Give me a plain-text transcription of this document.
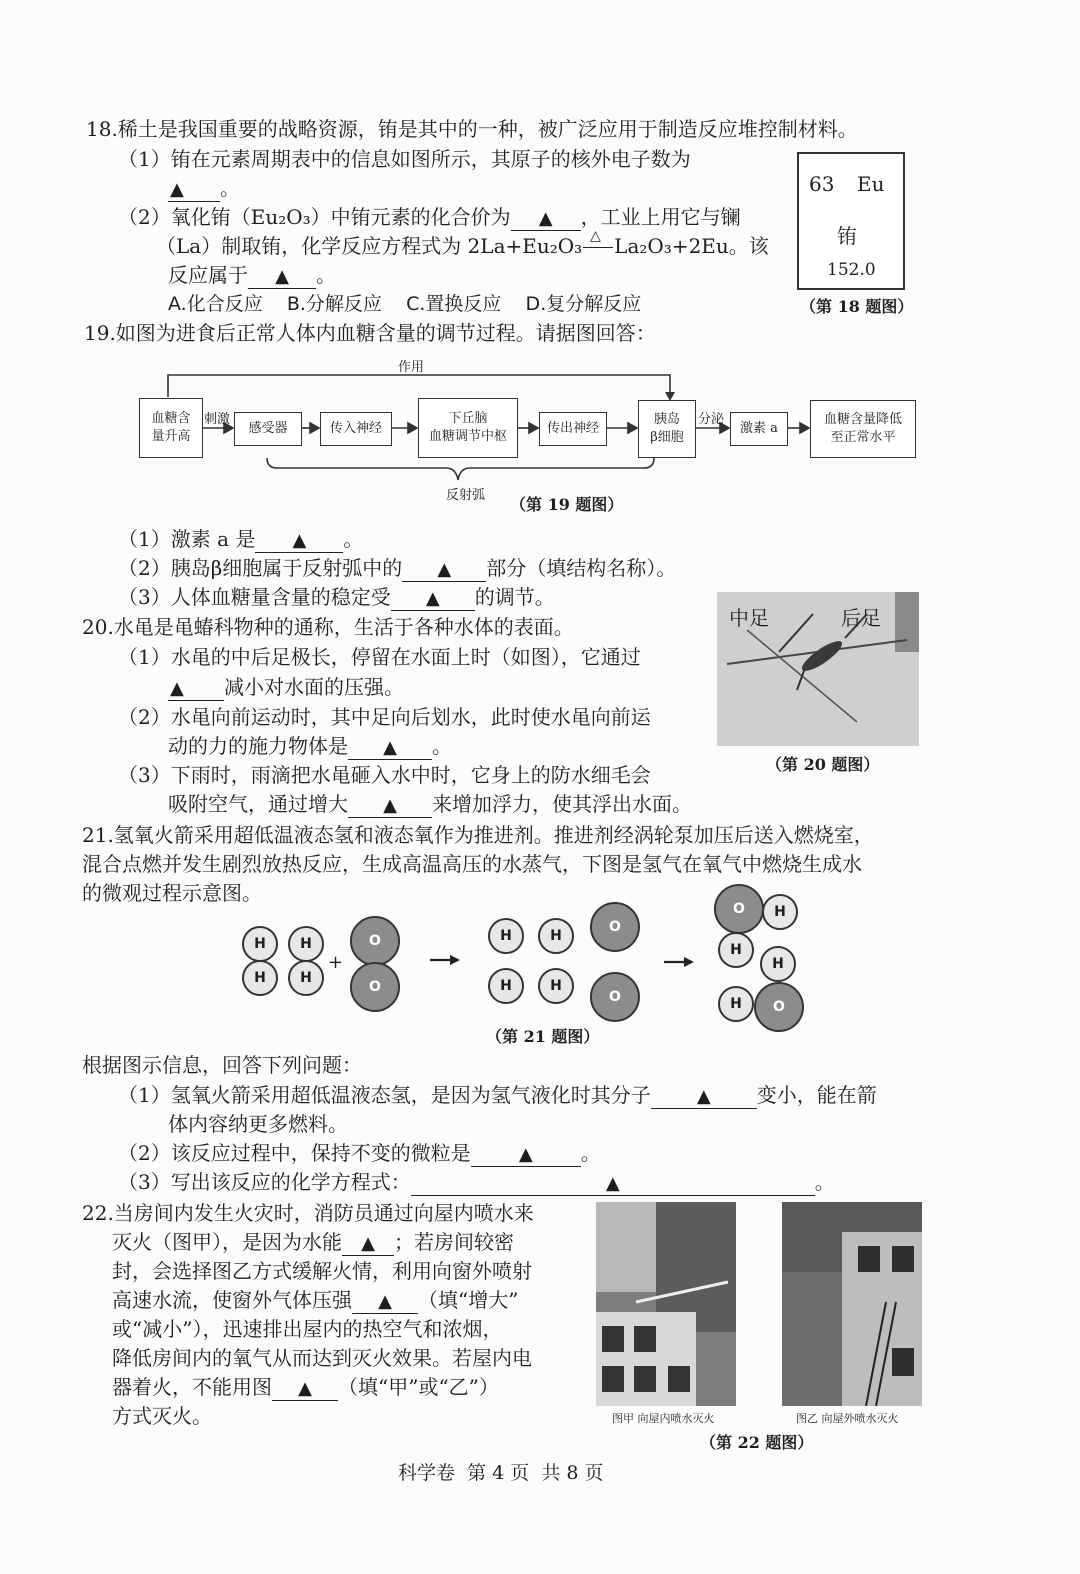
18.稀土是我国重要的战略资源，铕是其中的一种，被广泛应用于制造反应堆控制材料。
（1）铕在元素周期表中的信息如图所示，其原子的核外电子数为
▲ 。
（2）氧化铕（Eu₂O₃）中铕元素的化合价为 ▲ ，工业上用它与镧
（La）制取铕，化学反应方程式为 2La+Eu₂O₃ △ La₂O₃+2Eu。该
反应属于 ▲ 。
A.化合反应    B.分解反应    C.置换反应    D.复分解反应
63 Eu
铕
152.0
（第 18 题图）
19.如图为进食后正常人体内血糖含量的调节过程。请据图回答：
作用
刺激	分泌
血糖含
量升高
感受器	传入神经
下丘脑
血糖调节中枢
传出神经
胰岛
β细胞
激素 a
血糖含量降低
至正常水平
反射弧 （第 19 题图）
（1）激素 a 是 ▲ 。
（2）胰岛β细胞属于反射弧中的 ▲ 部分（填结构名称）。
（3）人体血糖量含量的稳定受 ▲ 的调节。
20.水黾是黾蝽科物种的通称，生活于各种水体的表面。
（1）水黾的中后足极长，停留在水面上时（如图），它通过
▲ 减小对水面的压强。
（2）水黾向前运动时，其中足向后划水，此时使水黾向前运
动的力的施力物体是 ▲ 。
（3）下雨时，雨滴把水黾砸入水中时，它身上的防水细毛会
吸附空气，通过增大 ▲ 来增加浮力，使其浮出水面。
中足	后足
（第 20 题图）
21.氢氧火箭采用超低温液态氢和液态氧作为推进剂。推进剂经涡轮泵加压后送入燃烧室，
混合点燃并发生剧烈放热反应，生成高温高压的水蒸气，下图是氢气在氧气中燃烧生成水
的微观过程示意图。
H
H
H
H
+
O
O
H	H
H	H
O
O
O	H
H
H
O
H
（第 21 题图）
根据图示信息，回答下列问题：
（1）氢氧火箭采用超低温液态氢，是因为氢气液化时其分子	▲ 变小，能在箭
体内容纳更多燃料。
（2）该反应过程中，保持不变的微粒是	▲ 。
（3）写出该反应的化学方程式：	▲	。
22.当房间内发生火灾时，消防员通过向屋内喷水来
灭火（图甲），是因为水能 ▲ ；若房间较密
封，会选择图乙方式缓解火情，利用向窗外喷射
高速水流，使窗外气体压强 ▲ （填“增大”
或“减小”），迅速排出屋内的热空气和浓烟，
降低房间内的氧气从而达到灭火效果。若屋内电
器着火，不能用图 ▲ （填“甲”或“乙”）
方式灭火。	图甲 向屋内喷水灭火	图乙 向屋外喷水灭火
（第 22 题图）
科学卷  第 4 页  共 8 页
